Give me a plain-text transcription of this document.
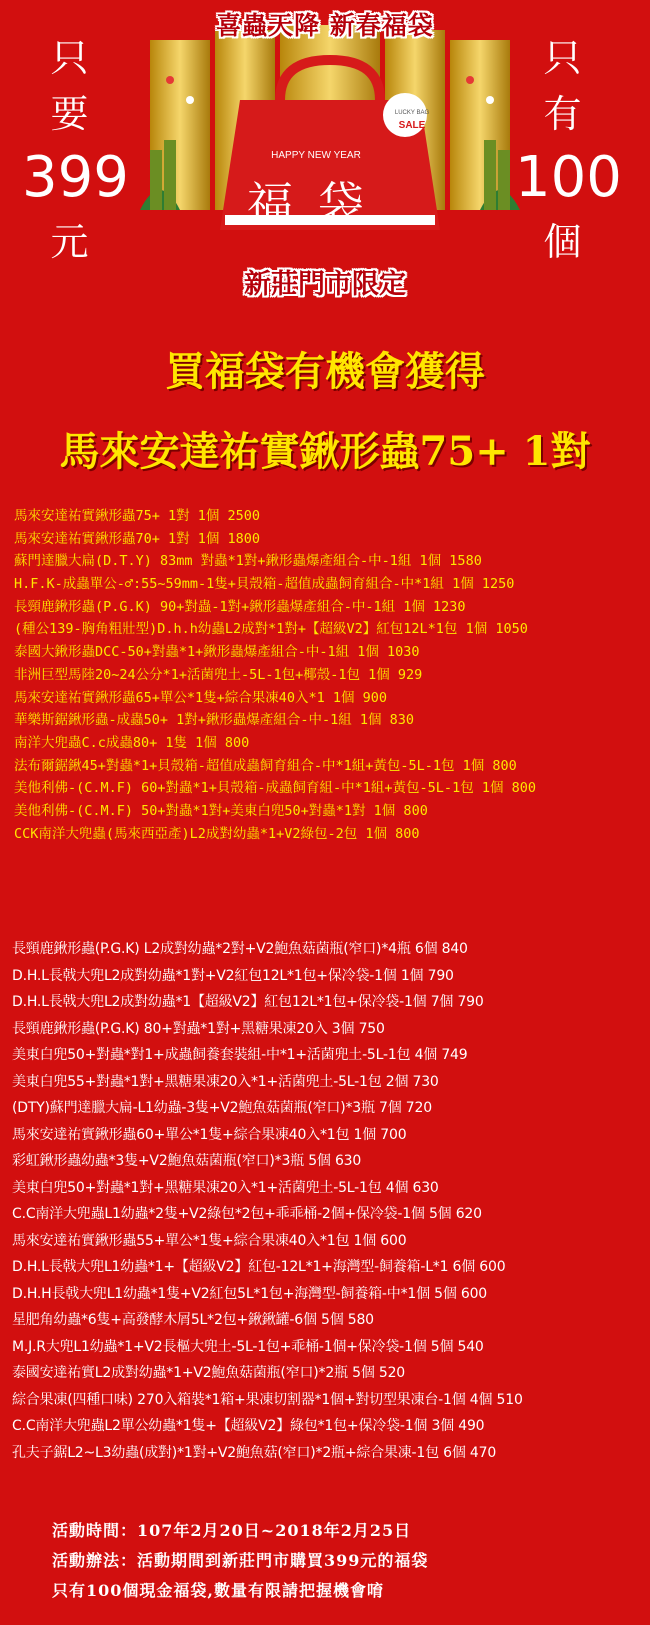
喜蟲天降 新春福袋
只
要
399
元
只
有
100
個
HAPPY NEW YEAR
LUCKY BAG
SALE
福 袋
新莊門市限定
買福袋有機會獲得
馬來安達祐實鍬形蟲75+ 1對
馬來安達祐實鍬形蟲75+ 1對 1個 2500
馬來安達祐實鍬形蟲70+ 1對 1個 1800
蘇門達臘大扁(D.T.Y) 83mm 對蟲*1對+鍬形蟲爆產組合-中-1組 1個 1580
H.F.K-成蟲單公-♂:55~59mm-1隻+貝殼箱-超值成蟲飼育組合-中*1組 1個 1250
長頸鹿鍬形蟲(P.G.K) 90+對蟲-1對+鍬形蟲爆產組合-中-1組 1個 1230
(種公139-胸角粗壯型)D.h.h幼蟲L2成對*1對+【超級V2】紅包12L*1包 1個 1050
泰國大鍬形蟲DCC-50+對蟲*1+鍬形蟲爆產組合-中-1組 1個 1030
非洲巨型馬陸20~24公分*1+活菌兜土-5L-1包+椰殼-1包 1個 929
馬來安達祐實鍬形蟲65+單公*1隻+綜合果凍40入*1 1個 900
華樂斯鋸鍬形蟲-成蟲50+ 1對+鍬形蟲爆產組合-中-1組 1個 830
南洋大兜蟲C.c成蟲80+ 1隻 1個 800
法布爾鋸鍬45+對蟲*1+貝殼箱-超值成蟲飼育組合-中*1組+黃包-5L-1包 1個 800
美他利佛-(C.M.F) 60+對蟲*1+貝殼箱-成蟲飼育組-中*1組+黃包-5L-1包 1個 800
美他利佛-(C.M.F) 50+對蟲*1對+美東白兜50+對蟲*1對 1個 800
CCK南洋大兜蟲(馬來西亞產)L2成對幼蟲*1+V2綠包-2包 1個 800
長頸鹿鍬形蟲(P.G.K) L2成對幼蟲*2對+V2鮑魚菇菌瓶(窄口)*4瓶 6個 840
D.H.L長戟大兜L2成對幼蟲*1對+V2紅包12L*1包+保冷袋-1個 1個 790
D.H.L長戟大兜L2成對幼蟲*1【超級V2】紅包12L*1包+保冷袋-1個 7個 790
長頸鹿鍬形蟲(P.G.K) 80+對蟲*1對+黑糖果凍20入 3個 750
美東白兜50+對蟲*對1+成蟲飼養套裝組-中*1+活菌兜土-5L-1包 4個 749
美東白兜55+對蟲*1對+黑糖果凍20入*1+活菌兜土-5L-1包 2個 730
(DTY)蘇門達臘大扁-L1幼蟲-3隻+V2鮑魚菇菌瓶(窄口)*3瓶 7個 720
馬來安達祐實鍬形蟲60+單公*1隻+綜合果凍40入*1包 1個 700
彩虹鍬形蟲幼蟲*3隻+V2鮑魚菇菌瓶(窄口)*3瓶 5個 630
美東白兜50+對蟲*1對+黑糖果凍20入*1+活菌兜土-5L-1包 4個 630
C.C南洋大兜蟲L1幼蟲*2隻+V2綠包*2包+乖乖桶-2個+保冷袋-1個 5個 620
馬來安達祐實鍬形蟲55+單公*1隻+綜合果凍40入*1包 1個 600
D.H.L長戟大兜L1幼蟲*1+【超級V2】紅包-12L*1+海灣型-飼養箱-L*1 6個 600
D.H.H長戟大兜L1幼蟲*1隻+V2紅包5L*1包+海灣型-飼養箱-中*1個 5個 600
星肥角幼蟲*6隻+高發酵木屑5L*2包+鍬鍬罐-6個 5個 580
M.J.R大兜L1幼蟲*1+V2長樞大兜土-5L-1包+乖桶-1個+保冷袋-1個 5個 540
泰國安達祐實L2成對幼蟲*1+V2鮑魚菇菌瓶(窄口)*2瓶 5個 520
綜合果凍(四種口味) 270入箱裝*1箱+果凍切割器*1個+對切型果凍台-1個 4個 510
C.C南洋大兜蟲L2單公幼蟲*1隻+【超級V2】綠包*1包+保冷袋-1個 3個 490
孔夫子鋸L2~L3幼蟲(成對)*1對+V2鮑魚菇(窄口)*2瓶+綜合果凍-1包 6個 470
活動時間：107年2月20日~2018年2月25日
活動辦法：活動期間到新莊門市購買399元的福袋
只有100個現金福袋,數量有限請把握機會唷
